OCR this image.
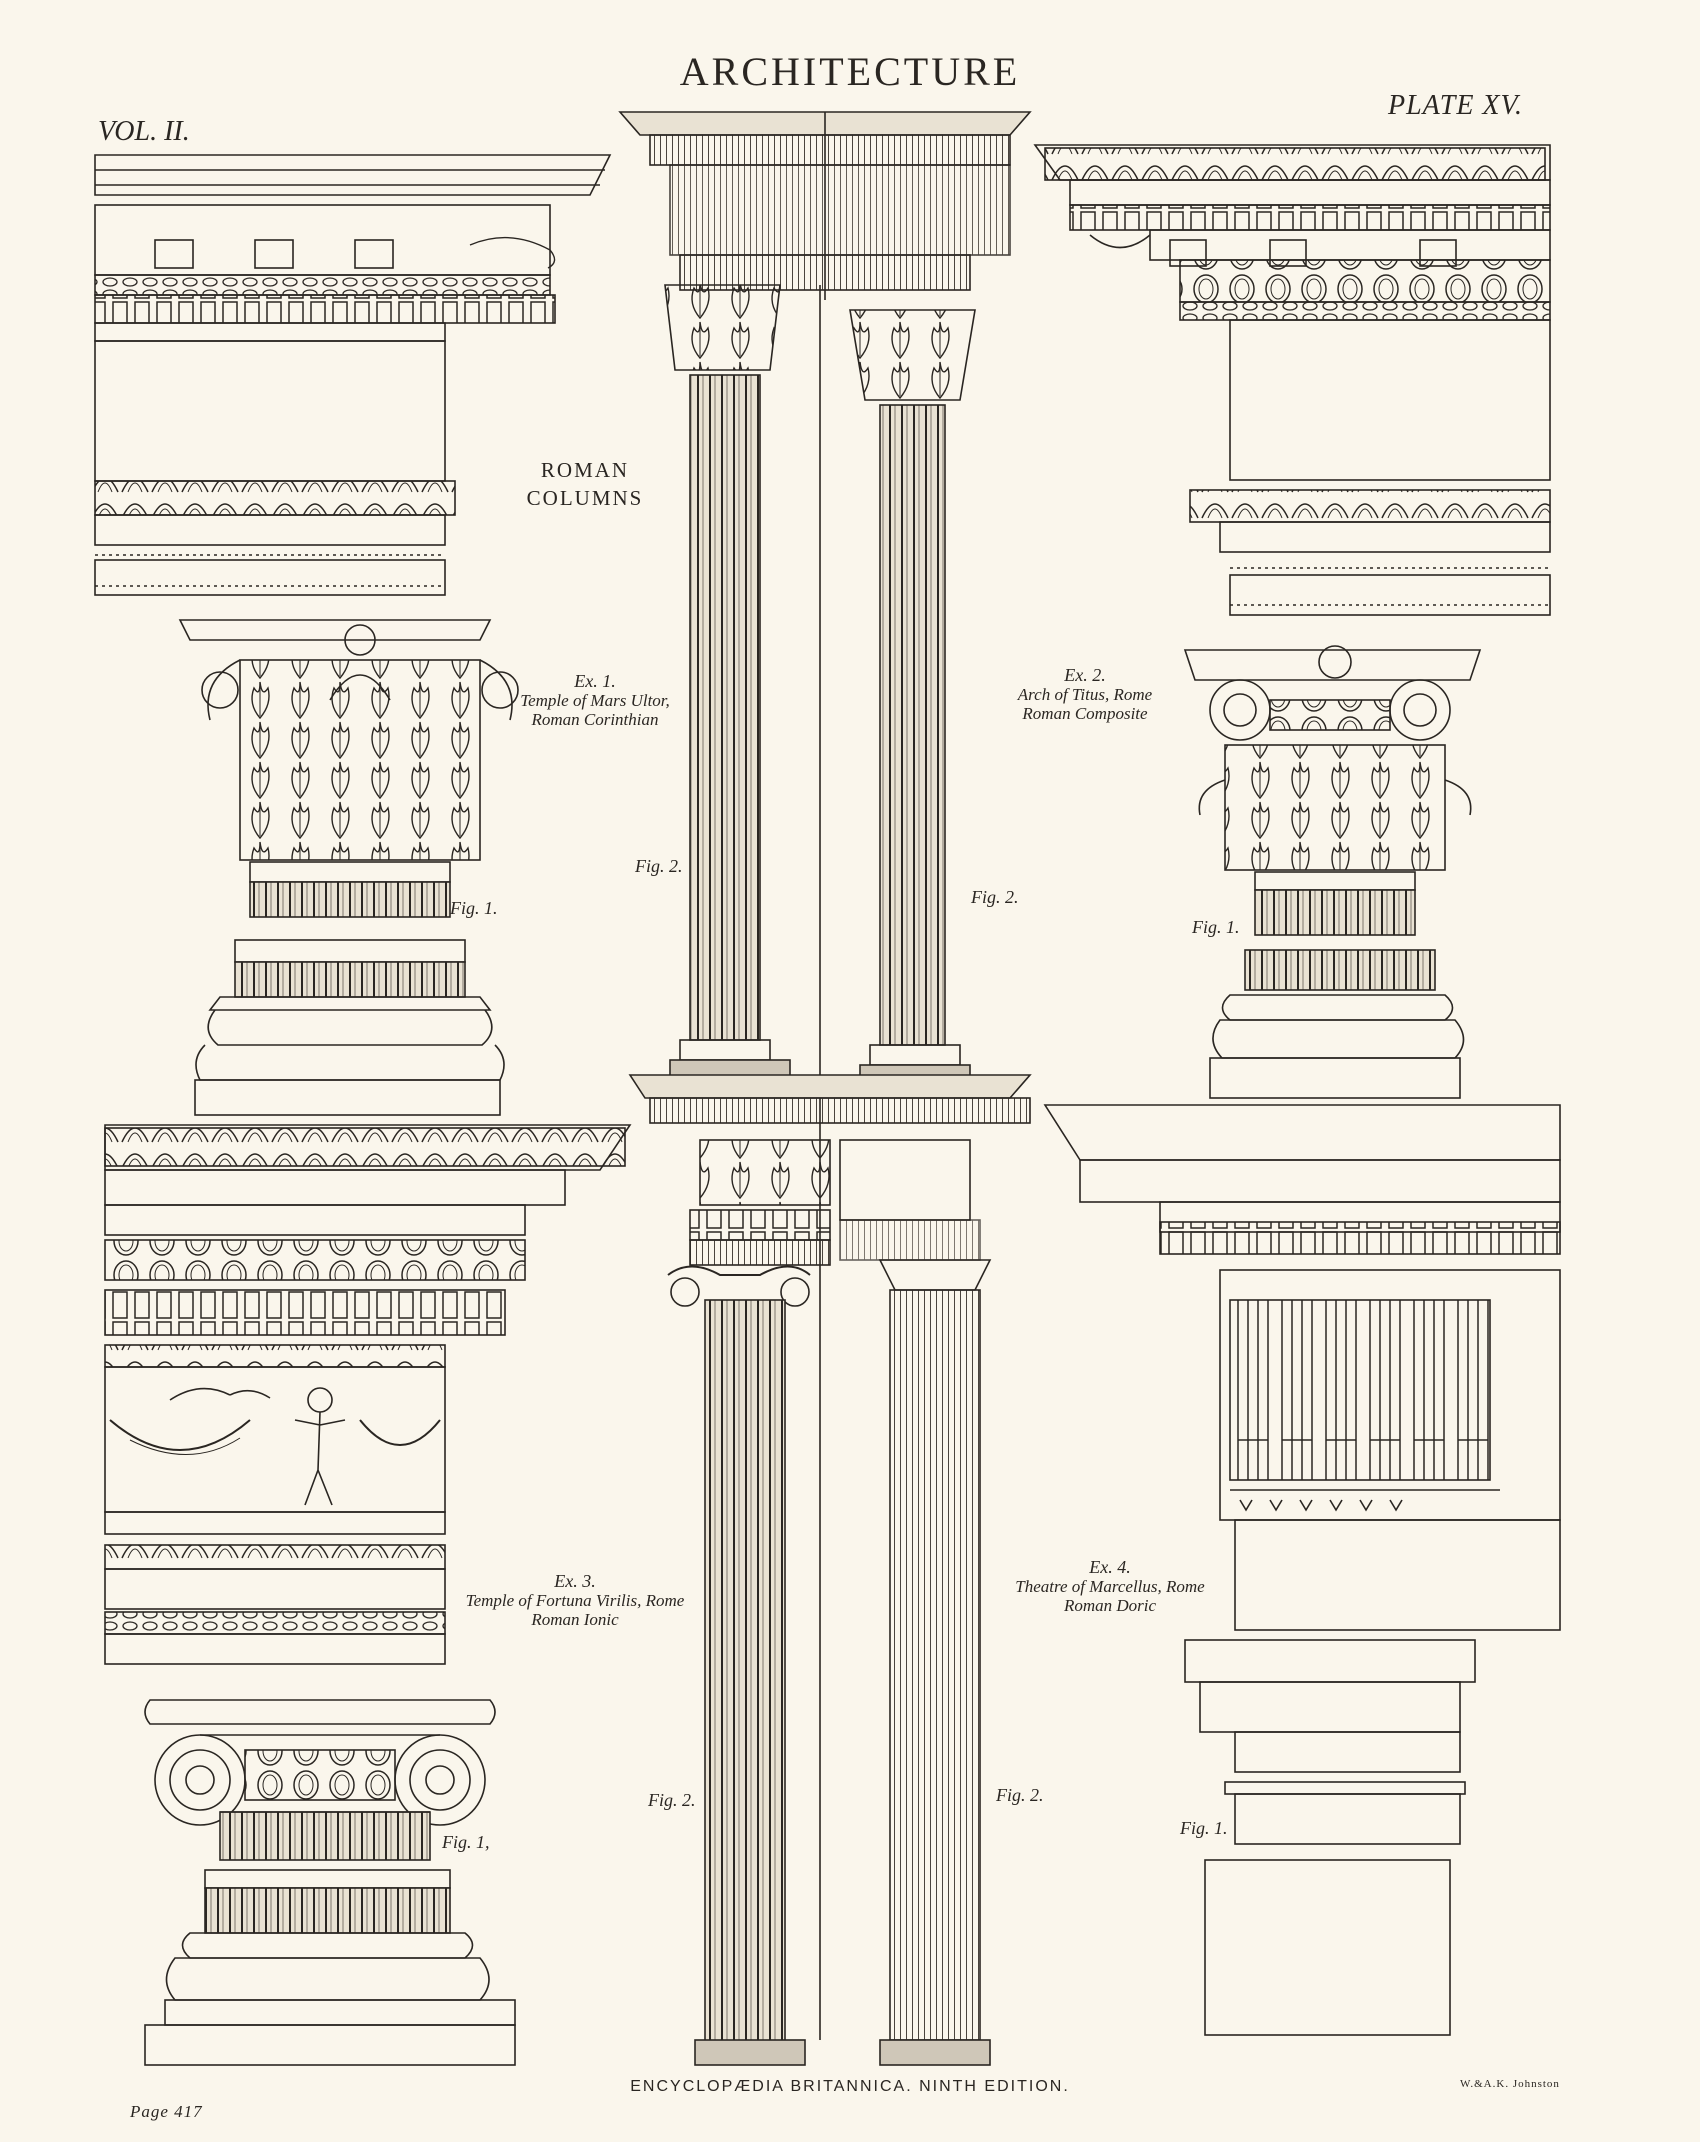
ARCHITECTURE
VOL. II.
PLATE XV.
ROMAN
COLUMNS
Ex. 1.
Temple of Mars Ultor,
Roman Corinthian
Ex. 2.
Arch of Titus, Rome
Roman Composite
Ex. 3.
Temple of Fortuna Virilis, Rome
Roman Ionic
Ex. 4.
Theatre of Marcellus, Rome
Roman Doric
Fig. 1.
Fig. 1.
Fig. 1,
Fig. 1.
Fig. 2.
Fig. 2.
Fig. 2.	Fig. 2.
ENCYCLOPÆDIA BRITANNICA. NINTH EDITION.
Page 417
W.&A.K. Johnston
